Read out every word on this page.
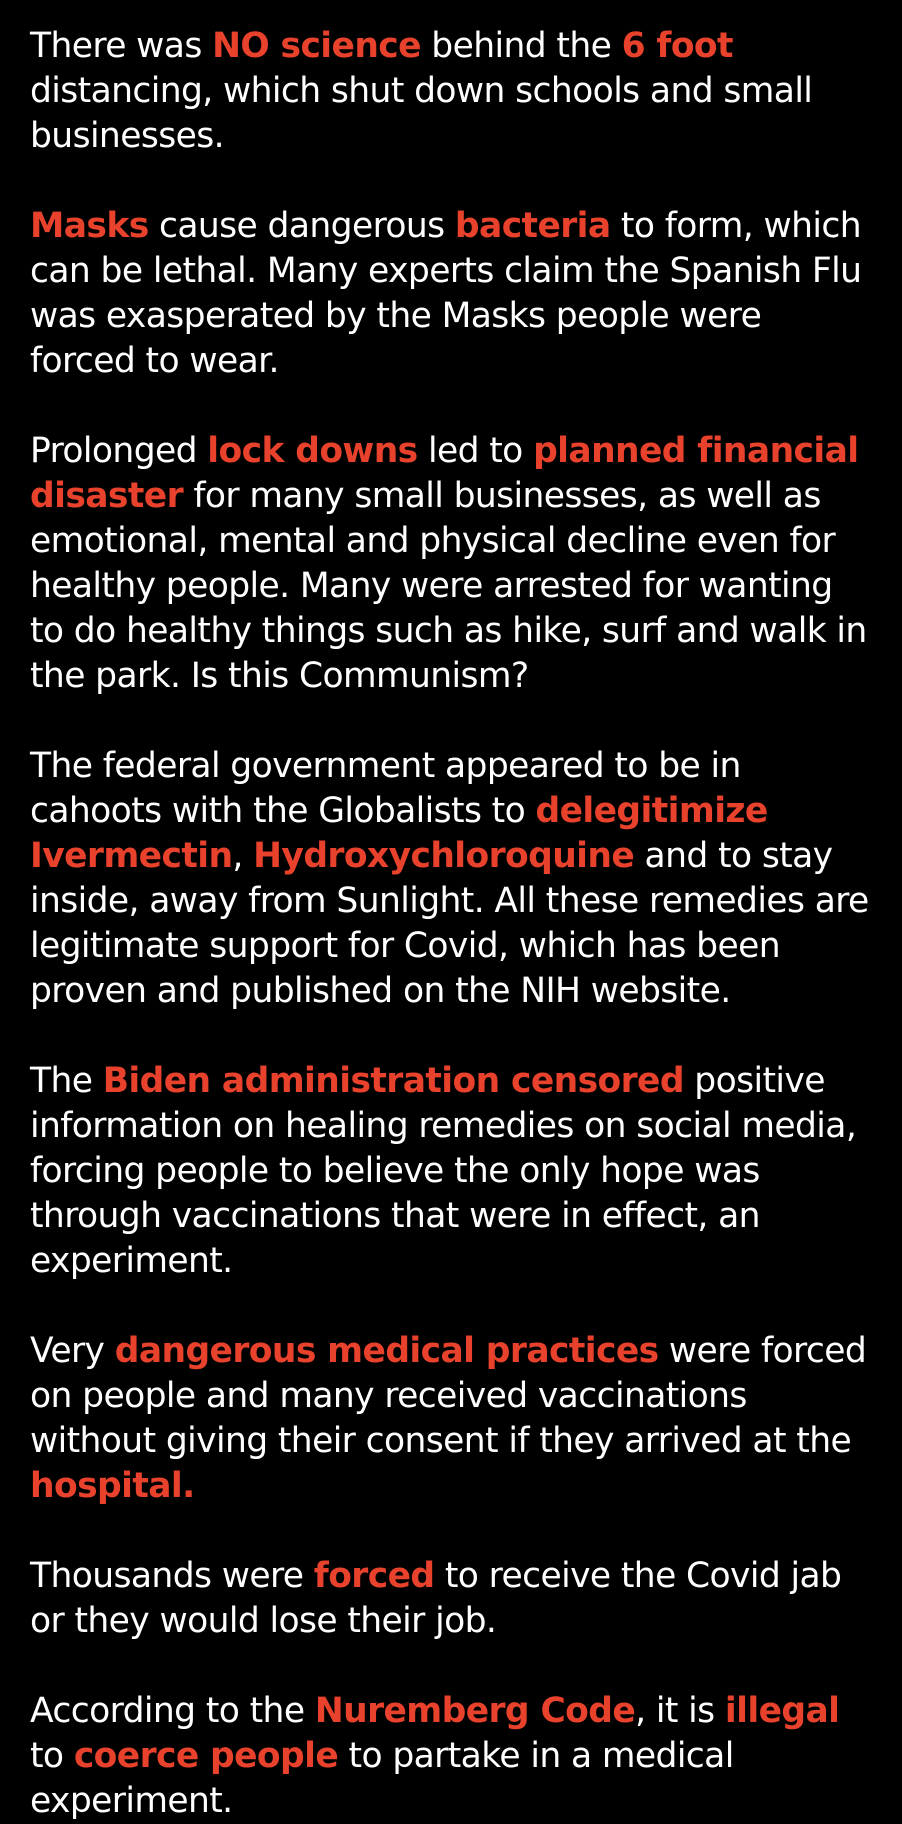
There was NO science behind the 6 foot distancing, which shut down schools and small businesses.

Masks cause dangerous bacteria to form, which can be lethal. Many experts claim the Spanish Flu was exasperated by the Masks people were forced to wear.

Prolonged lock downs led to planned financial disaster for many small businesses, as well as emotional, mental and physical decline even for healthy people. Many were arrested for wanting to do healthy things such as hike, surf and walk in the park. Is this Communism?

The federal government appeared to be in cahoots with the Globalists to delegitimize Ivermectin, Hydroxychloroquine and to stay inside, away from Sunlight. All these remedies are legitimate support for Covid, which has been proven and published on the NIH website.

The Biden administration censored positive information on healing remedies on social media, forcing people to believe the only hope was through vaccinations that were in effect, an experiment.

Very dangerous medical practices were forced on people and many received vaccinations without giving their consent if they arrived at the hospital.

Thousands were forced to receive the Covid jab or they would lose their job.

According to the Nuremberg Code, it is illegal to coerce people to partake in a medical experiment.
